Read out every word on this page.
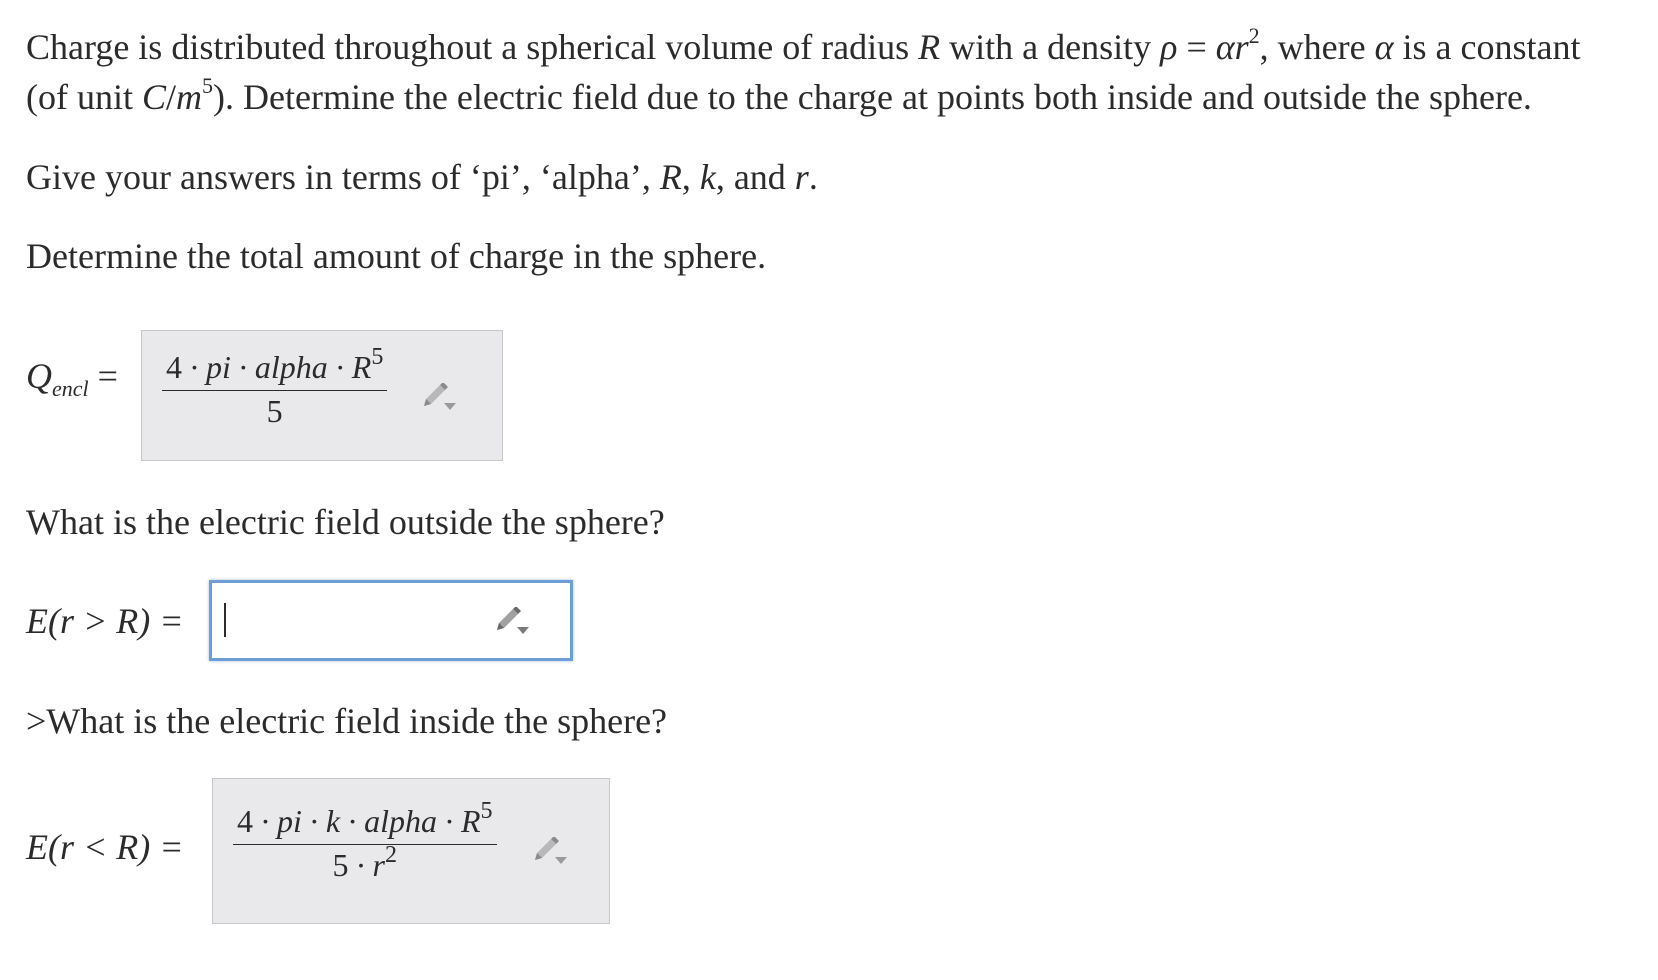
Charge is distributed throughout a spherical volume of radius R with a density $\rho = \alpha r^2$, where α is a constant

(of unit $C/m^5$). Determine the electric field due to the charge at points both inside and outside the sphere.

Give your answers in terms of ‘pi’, ‘alpha’, R, k, and r.

Determine the total amount of charge in the sphere.

$Q_{encl} = 4$ · pi · alpha · $R^5$
5

What is the electric field outside the sphere?

E(r > R) =

>What is the electric field inside the sphere?

E(r < R) =
4 · pi · k · alpha · $R^5$
$5 \cdot r^2$
